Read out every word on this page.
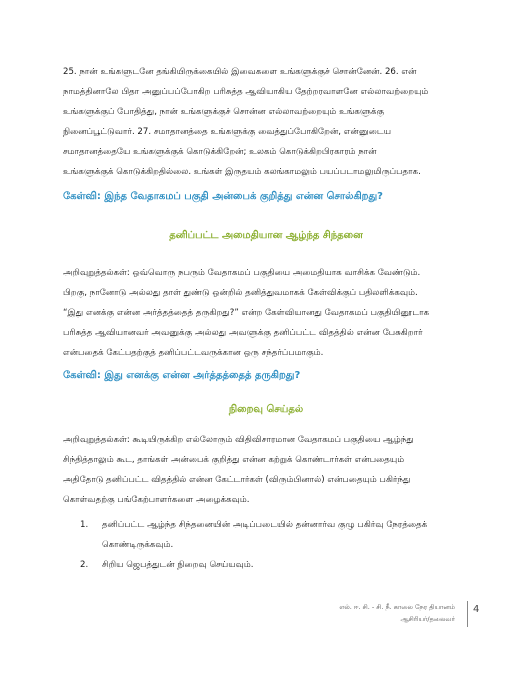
25. நான் உங்களுடனே தங்கியிருக்கையில் இவைகளை உங்களுக்குச் சொன்னேன். 26. என்
நாமத்தினாலே பிதா அனுப்பப்போகிற பரிசுத்த ஆவியாகிய தேற்றரவாளனே எல்லாவற்றையும்
உங்களுக்குப் போதித்து, நான் உங்களுக்குச் சொன்ன எல்லாவற்றையும் உங்களுக்கு
நினைப்பூட்டுவார். 27. சமாதானத்தை உங்களுக்கு வைத்துப்போகிறேன், என்னுடைய
சமாதானத்தையே உங்களுக்குக் கொடுக்கிறேன்; உலகம் கொடுக்கிறபிரகாரம் நான்
உங்களுக்குக் கொடுக்கிறதில்லை. உங்கள் இருதயம் கலங்காமலும் பயப்படாமலுமிருப்பதாக.

கேள்வி: இந்த வேதாகமப் பகுதி அன்பைக் குறித்து என்ன சொல்கிறது?

தனிப்பட்ட அமைதியான ஆழ்ந்த சிந்தனை

அறிவுறுத்தல்கள்: ஒவ்வொரு நபரும் வேதாகமப் பகுதியை அமைதியாக வாசிக்க வேண்டும்.
பிறகு, நானோடு அல்லது தாள் துண்டு ஒன்றில் தனித்துவமாகக் கேள்விக்குப் பதிலளிக்கவும்.
“இது எனக்கு என்ன அர்த்தத்தைத் தருகிறது?” என்ற கேள்வியானது வேதாகமப் பகுதியினூடாக
பரிசுத்த ஆவியானவர் அவனுக்கு அல்லது அவளுக்கு தனிப்பட்ட விதத்தில் என்ன பேசுகிறார்
என்பதைக் கேட்பதற்குத் தனிப்பட்டவருக்கான ஒரு சந்தர்ப்பமாகும்.

கேள்வி: இது எனக்கு என்ன அர்த்தத்தைத் தருகிறது?

நிறைவு செய்தல்

அறிவுறுத்தல்கள்: கூடியிருக்கிற எல்லோரும் விதிவிசாரமான வேதாகமப் பகுதியை ஆழ்ந்து
சிந்தித்தாலும் கூட, தாங்கள் அன்பைக் குறித்து என்ன கற்றுக் கொண்டார்கள் என்பதையும்
அதிதோடு தனிப்பட்ட விதத்தில் என்ன கேட்டார்கள் (விரும்பினால்) என்பதையும் பகிர்ந்து
கொள்வதற்கு பங்கேற்பாளர்களை அழைக்கவும்.

1.	தனிப்பட்ட ஆழ்ந்த சிந்தனையின் அடிப்படையில் தன்னார்வ குழு பகிர்வு நேரத்தைக்
கொண்டிருக்கவும்.
2.	சிறிய ஜெபத்துடன் நிறைவு செய்யவும்.
எல். ஈ. சி. - சி. நீ. காலை நேர தியானம்
ஆசிரியர்/தலைவர்
4
